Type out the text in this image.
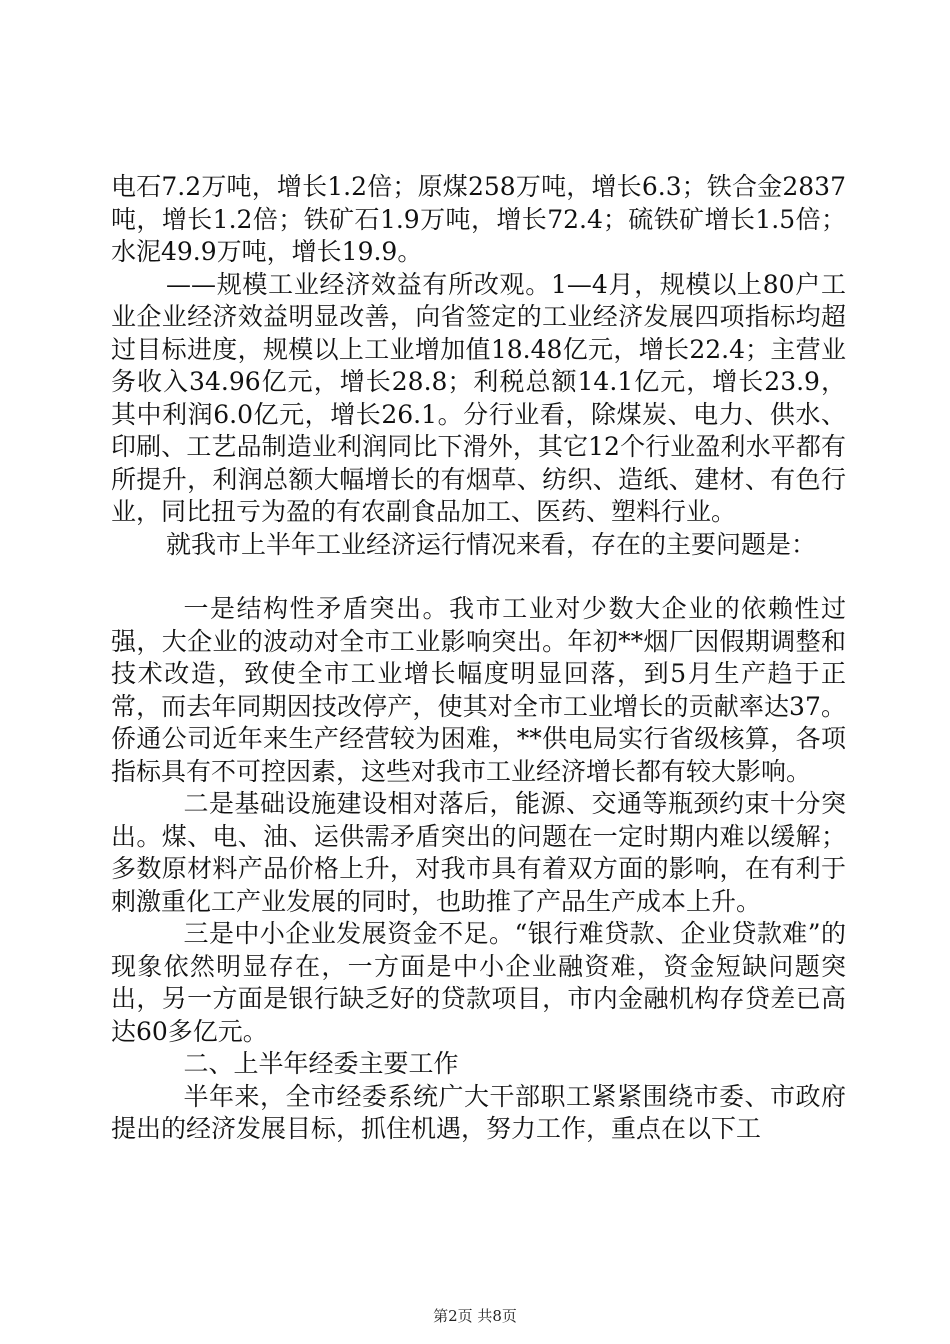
电石7.2万吨，增长1.2倍；原煤258万吨，增长6.3；铁合金2837吨，增长1.2倍；铁矿石1.9万吨，增长72.4；硫铁矿增长1.5倍；水泥49.9万吨，增长19.9。

——规模工业经济效益有所改观。1—4月，规模以上80户工业企业经济效益明显改善，向省签定的工业经济发展四项指标均超过目标进度，规模以上工业增加值18.48亿元，增长22.4；主营业务收入34.96亿元，增长28.8；利税总额14.1亿元，增长23.9，其中利润6.0亿元，增长26.1。分行业看，除煤炭、电力、供水、印刷、工艺品制造业利润同比下滑外，其它12个行业盈利水平都有所提升，利润总额大幅增长的有烟草、纺织、造纸、建材、有色行业，同比扭亏为盈的有农副食品加工、医药、塑料行业。

就我市上半年工业经济运行情况来看，存在的主要问题是：

一是结构性矛盾突出。我市工业对少数大企业的依赖性过强，大企业的波动对全市工业影响突出。年初**烟厂因假期调整和技术改造，致使全市工业增长幅度明显回落，到5月生产趋于正常，而去年同期因技改停产，使其对全市工业增长的贡献率达37。侨通公司近年来生产经营较为困难，**供电局实行省级核算，各项指标具有不可控因素，这些对我市工业经济增长都有较大影响。

二是基础设施建设相对落后，能源、交通等瓶颈约束十分突出。煤、电、油、运供需矛盾突出的问题在一定时期内难以缓解；多数原材料产品价格上升，对我市具有着双方面的影响，在有利于刺激重化工产业发展的同时，也助推了产品生产成本上升。

三是中小企业发展资金不足。“银行难贷款、企业贷款难”的现象依然明显存在，一方面是中小企业融资难，资金短缺问题突出，另一方面是银行缺乏好的贷款项目，市内金融机构存贷差已高达60多亿元。

二、上半年经委主要工作

半年来，全市经委系统广大干部职工紧紧围绕市委、市政府提出的经济发展目标，抓住机遇，努力工作，重点在以下工

第2页 共8页
